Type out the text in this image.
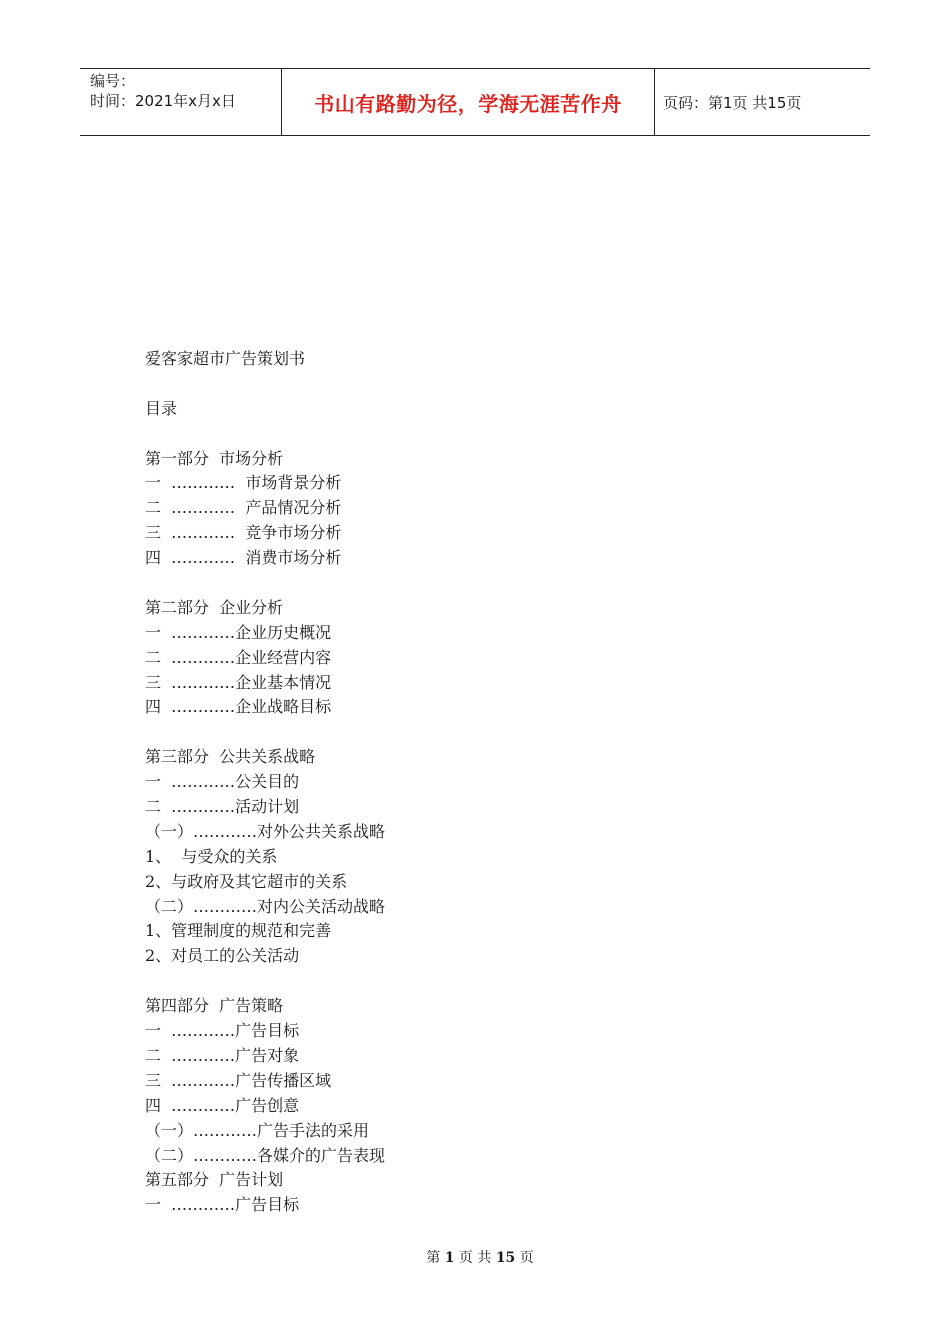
编号：
时间：2021年x月x日	书山有路勤为径，学海无涯苦作舟	页码：第1页 共15页
爱客家超市广告策划书
目录
第一部分  市场分析
一  …………  市场背景分析
二  …………  产品情况分析
三  …………  竞争市场分析
四  …………  消费市场分析
第二部分  企业分析
一  …………企业历史概况
二  …………企业经营内容
三  …………企业基本情况
四  …………企业战略目标
第三部分  公共关系战略
一  …………公关目的
二  …………活动计划
（一）…………对外公共关系战略
1、  与受众的关系
2、与政府及其它超市的关系
（二）…………对内公关活动战略
1、管理制度的规范和完善
2、对员工的公关活动
第四部分  广告策略
一  …………广告目标
二  …………广告对象
三  …………广告传播区域
四  …………广告创意
（一）…………广告手法的采用
（二）…………各媒介的广告表现
第五部分  广告计划
一  …………广告目标
第 1 页 共 15 页
